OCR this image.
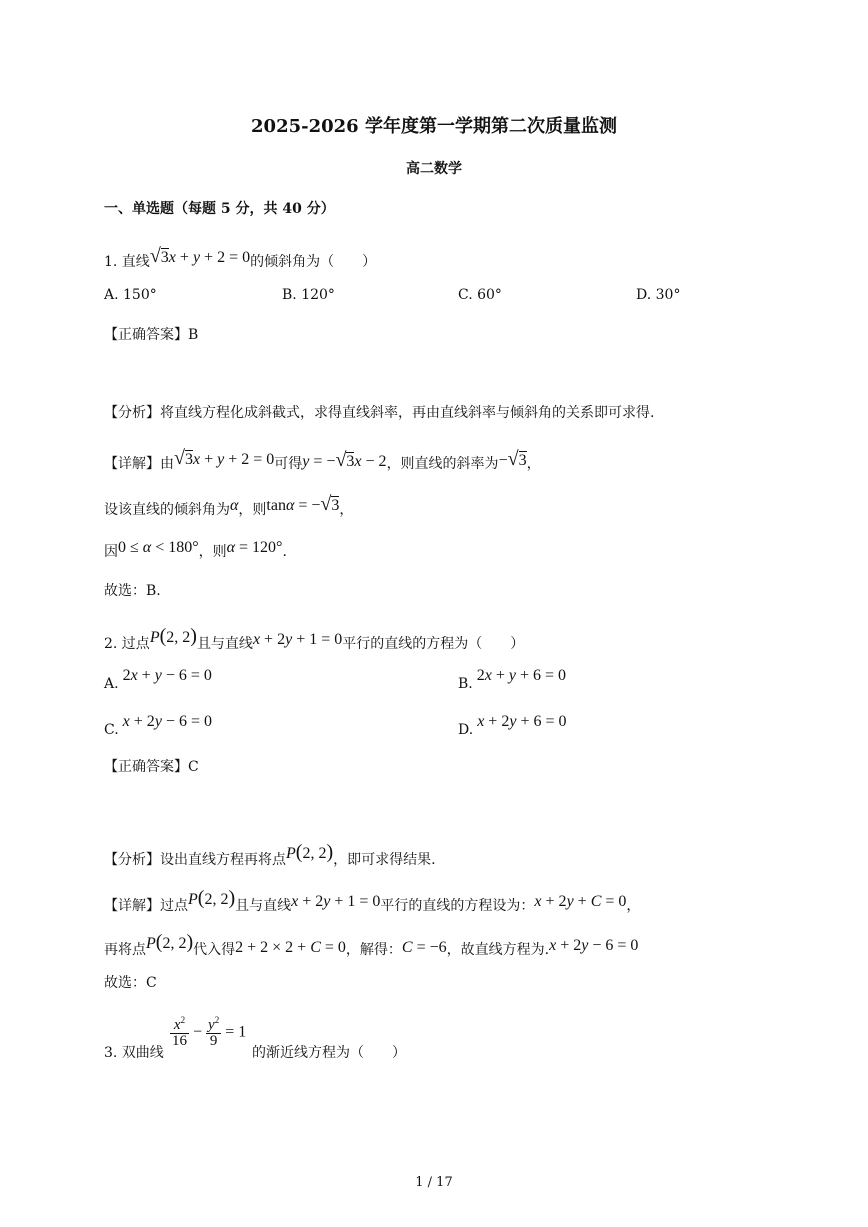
2025-2026 学年度第一学期第二次质量监测
高二数学
一、单选题（每题 5 分，共 40 分）
1. 直线√3x + y + 2 = 0的倾斜角为（　　）
A. 150°	B. 120°	C. 60°	D. 30°
【正确答案】B
【分析】将直线方程化成斜截式，求得直线斜率，再由直线斜率与倾斜角的关系即可求得.
【详解】由√3x + y + 2 = 0可得y = −√3x − 2，则直线的斜率为−√3，
设该直线的倾斜角为α，则tanα = −√3，
因0 ≤ α < 180°，则α = 120°.
故选：B.
2. 过点P(2, 2)且与直线x + 2y + 1 = 0平行的直线的方程为（　　）
A. 2x + y − 6 = 0	B. 2x + y + 6 = 0
C. x + 2y − 6 = 0	D. x + 2y + 6 = 0
【正确答案】C
【分析】设出直线方程再将点P(2, 2)，即可求得结果.
【详解】过点P(2, 2)且与直线x + 2y + 1 = 0平行的直线的方程设为：x + 2y + C = 0，
再将点P(2, 2)代入得2 + 2 × 2 + C = 0，解得：C = −6，故直线方程为.x + 2y − 6 = 0
故选：C
3. 双曲线
$\frac{x^2}{16} - \frac{y^2}{9} = 1$
的渐近线方程为（　　）
1 / 17
